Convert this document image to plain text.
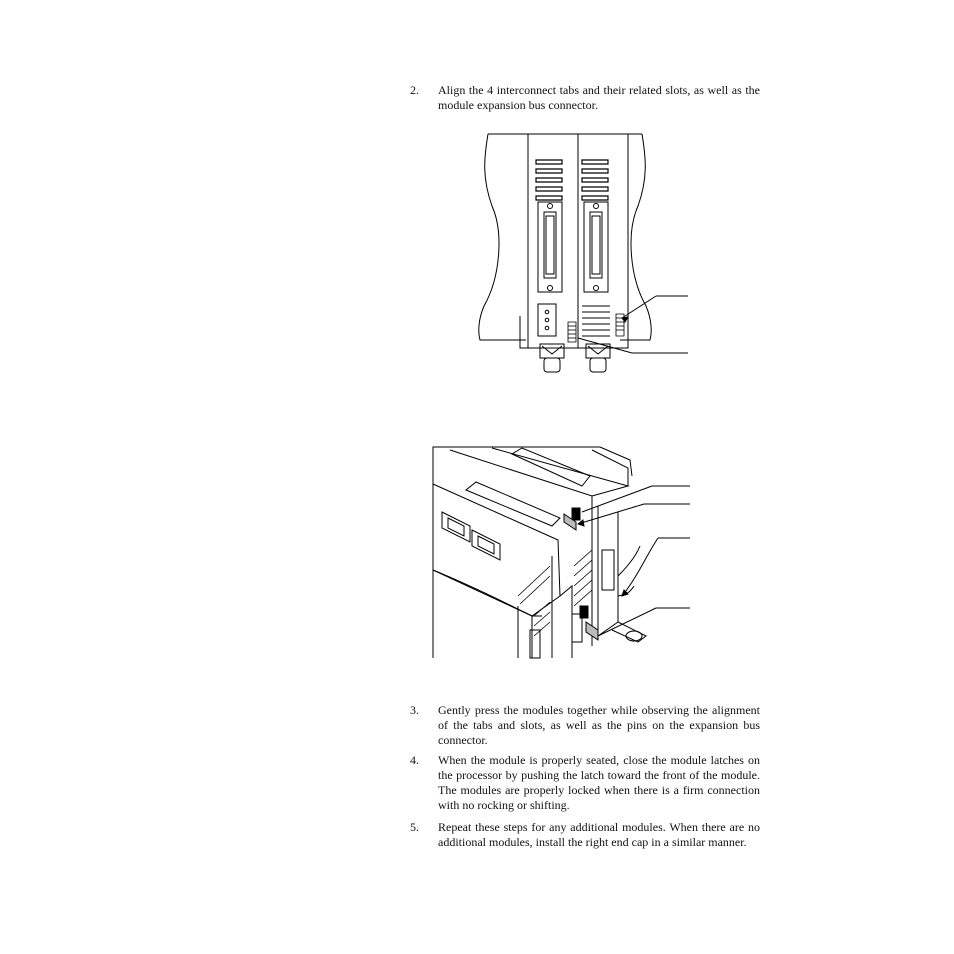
2.	Align the 4 interconnect tabs and their related slots, as well as the module expansion bus connector.
3.	Gently press the modules together while observing the alignment of the tabs and slots, as well as the pins on the expansion bus connector.
4.	When the module is properly seated, close the module latches on the processor by pushing the latch toward the front of the module. The modules are properly locked when there is a firm connection with no rocking or shifting.
5.	Repeat these steps for any additional modules. When there are no additional modules, install the right end cap in a similar manner.
